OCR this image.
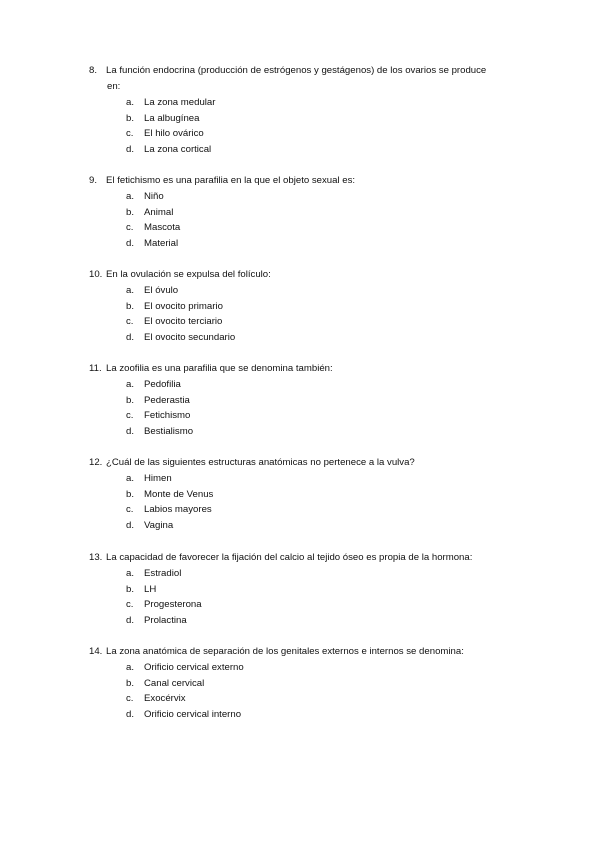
8. La función endocrina (producción de estrógenos y gestágenos) de los ovarios se produce
en:
a.	La zona medular
b.	La albugínea
c.	El hilo ovárico
d.	La zona cortical
9. El fetichismo es una parafilia en la que el objeto sexual es:
a.	Niño
b.	Animal
c.	Mascota
d.	Material
10. En la ovulación se expulsa del folículo:
a.	El óvulo
b.	El ovocito primario
c.	El ovocito terciario
d.	El ovocito secundario
11. La zoofilia es una parafilia que se denomina también:
a.	Pedofilia
b.	Pederastia
c.	Fetichismo
d.	Bestialismo
12. ¿Cuál de las siguientes estructuras anatómicas no pertenece a la vulva?
a.	Himen
b.	Monte de Venus
c.	Labios mayores
d.	Vagina
13. La capacidad de favorecer la fijación del calcio al tejido óseo es propia de la hormona:
a.	Estradiol
b.	LH
c.	Progesterona
d.	Prolactina
14. La zona anatómica de separación de los genitales externos e internos se denomina:
a.	Orificio cervical externo
b.	Canal cervical
c.	Exocérvix
d.	Orificio cervical interno
